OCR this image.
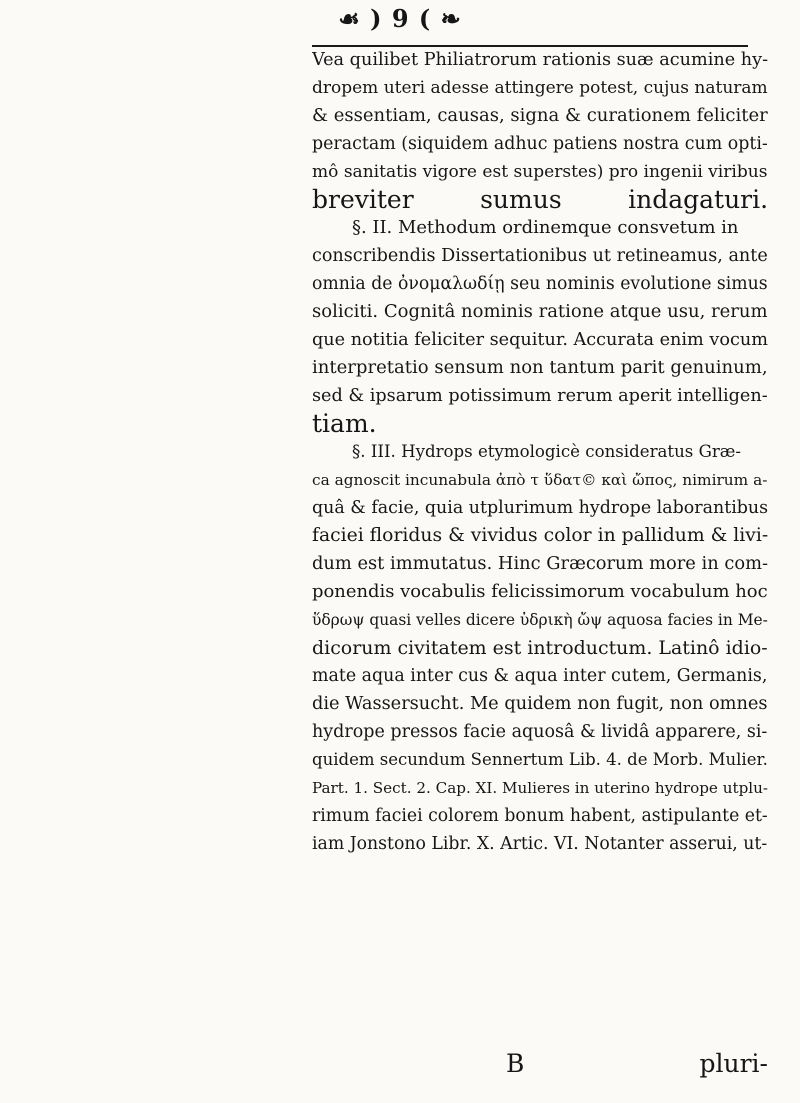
☙ ) 9 ( ❧
Vea quilibet Philiatrorum rationis suæ acumine hy-
dropem uteri adesse attingere potest, cujus naturam
& essentiam, causas, signa & curationem feliciter
peractam (siquidem adhuc patiens nostra cum opti-
mô sanitatis vigore est superstes) pro ingenii viribus
breviter sumus indagaturi.
§. II. Methodum ordinemque consvetum in
conscribendis Dissertationibus ut retineamus, ante
omnia de ὀνομαλωδίῃ seu nominis evolutione simus
soliciti. Cognitâ nominis ratione atque usu, rerum
que notitia feliciter sequitur. Accurata enim vocum
interpretatio sensum non tantum parit genuinum,
sed & ipsarum potissimum rerum aperit intelligen-
tiam.
§. III. Hydrops etymologicè consideratus Græ-
ca agnoscit incunabula ἀπὸ τ ὕδατ© καὶ ὤπος, nimirum a-
quâ & facie, quia utplurimum hydrope laborantibus
faciei floridus & vividus color in pallidum & livi-
dum est immutatus. Hinc Græcorum more in com-
ponendis vocabulis felicissimorum vocabulum hoc
ὕδρωψ quasi velles dicere ὑδρικὴ ὤψ aquosa facies in Me-
dicorum civitatem est introductum. Latinô idio-
mate aqua inter cus & aqua inter cutem, Germanis,
die Wassersucht. Me quidem non fugit, non omnes
hydrope pressos facie aquosâ & lividâ apparere, si-
quidem secundum Sennertum Lib. 4. de Morb. Mulier.
Part. 1. Sect. 2. Cap. XI. Mulieres in uterino hydrope utplu-
rimum faciei colorem bonum habent, astipulante et-
iam Jonstono Libr. X. Artic. VI. Notanter asserui, ut-
B	pluri-
